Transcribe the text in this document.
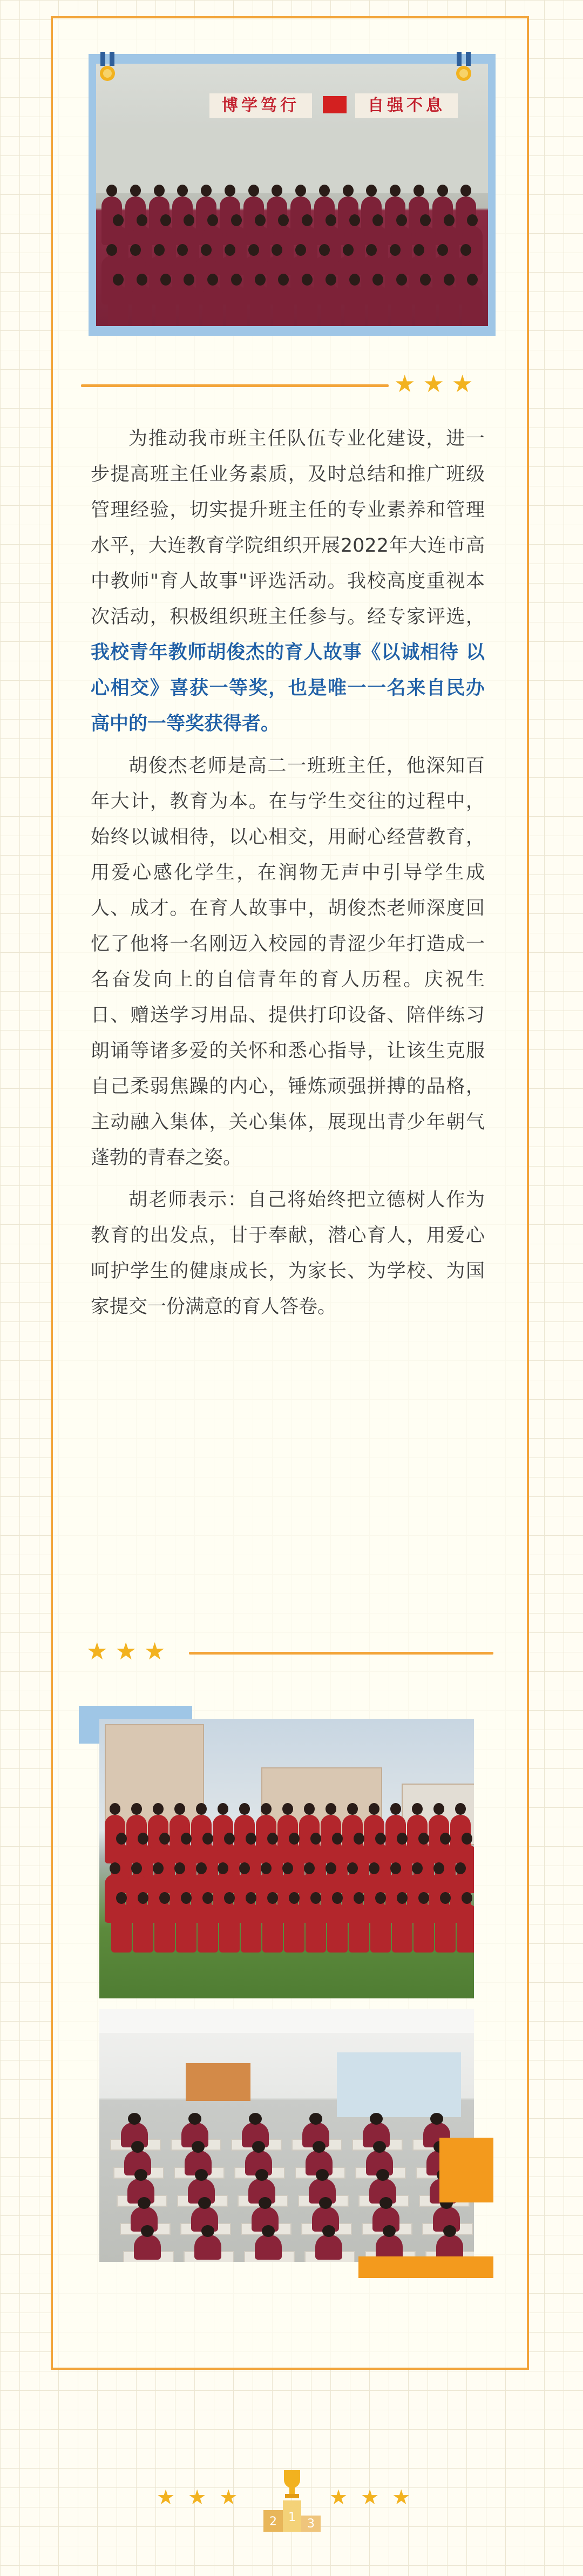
博学笃行	自强不息
★★★

为推动我市班主任队伍专业化建设，进一步提高班主任业务素质，及时总结和推广班级管理经验，切实提升班主任的专业素养和管理水平，大连教育学院组织开展2022年大连市高中教师"育人故事"评选活动。我校高度重视本次活动，积极组织班主任参与。经专家评选，我校青年教师胡俊杰的育人故事《以诚相待 以心相交》喜获一等奖，也是唯一一名来自民办高中的一等奖获得者。

胡俊杰老师是高二一班班主任，他深知百年大计，教育为本。在与学生交往的过程中，始终以诚相待，以心相交，用耐心经营教育，用爱心感化学生，在润物无声中引导学生成人、成才。在育人故事中，胡俊杰老师深度回忆了他将一名刚迈入校园的青涩少年打造成一名奋发向上的自信青年的育人历程。庆祝生日、赠送学习用品、提供打印设备、陪伴练习朗诵等诸多爱的关怀和悉心指导，让该生克服自己柔弱焦躁的内心，锤炼顽强拼搏的品格，主动融入集体，关心集体，展现出青少年朝气蓬勃的青春之姿。

胡老师表示：自己将始终把立德树人作为教育的出发点，甘于奉献，潜心育人，用爱心呵护学生的健康成长，为家长、为学校、为国家提交一份满意的育人答卷。

★★★
★ ★ ★	★ ★ ★
2 1 3
